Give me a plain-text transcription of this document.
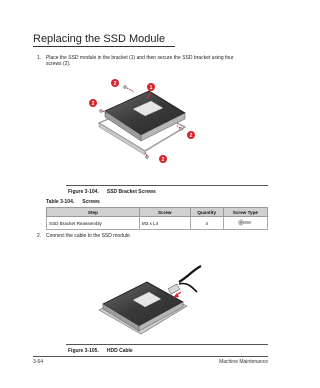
Replacing the SSD Module
1. Place the SSD module in the bracket (1) and then secure the SSD bracket using four screws (2).
2
1
2
2
2
Figure 3-104. SSD Bracket Screws
Table 3-104. Screws
Step	Screw	Quantity	Screw Type
SSD Bracket Reassembly	M3 x L4	4	
2. Connect the cable to the SSD module.
Figure 3-105. HDD Cable
3-64	Machine Maintenance
